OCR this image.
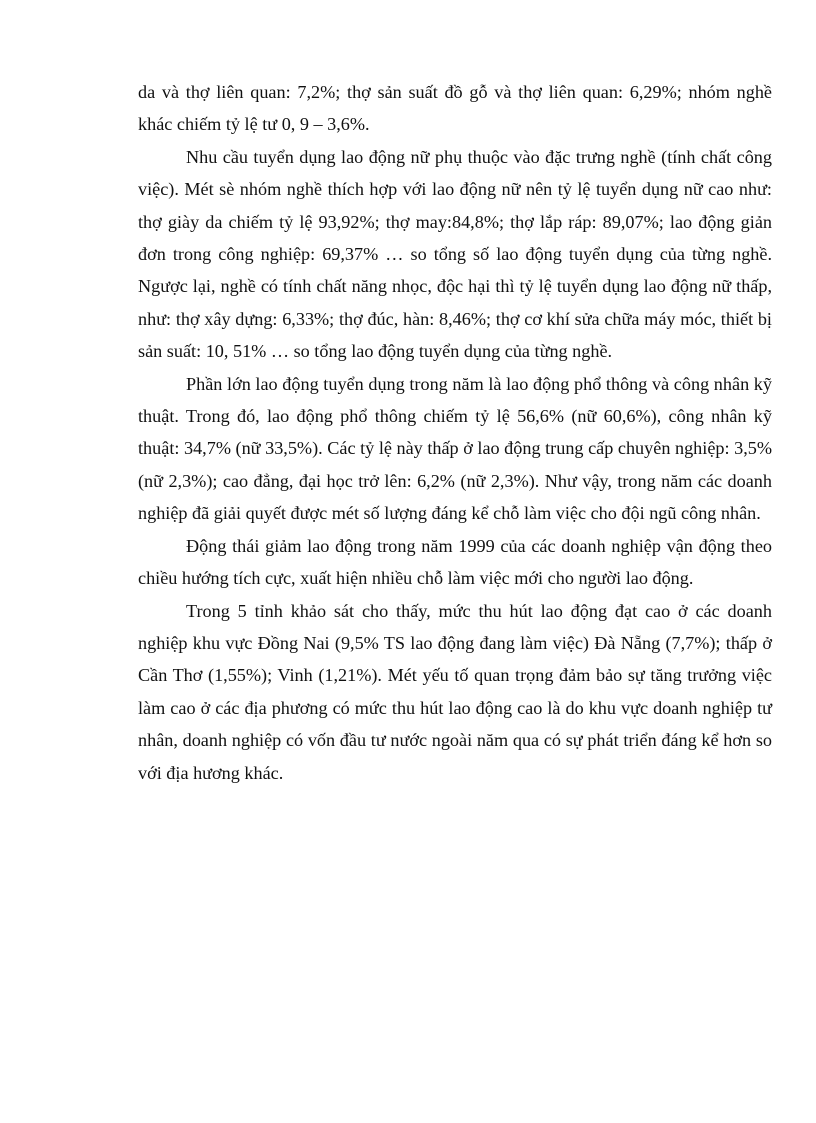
da và thợ liên quan: 7,2%; thợ sản suất đồ gỗ và thợ liên quan: 6,29%; nhóm nghề khác chiếm tỷ lệ tư 0, 9 – 3,6%.

Nhu cầu tuyển dụng lao động nữ phụ thuộc vào đặc trưng nghề (tính chất công việc). Mét sè nhóm nghề thích hợp với lao động nữ nên tỷ lệ tuyển dụng nữ cao như: thợ giày da chiếm tỷ lệ 93,92%; thợ may:84,8%; thợ lắp ráp: 89,07%; lao động giản đơn trong công nghiệp: 69,37% … so tổng số lao động tuyển dụng của từng nghề. Ngược lại, nghề có tính chất năng nhọc, độc hại thì tỷ lệ tuyển dụng lao động nữ thấp, như: thợ xây dựng: 6,33%; thợ đúc, hàn: 8,46%; thợ cơ khí sửa chữa máy móc, thiết bị sản suất: 10, 51% … so tổng lao động tuyển dụng của từng nghề.

Phần lớn lao động tuyển dụng trong năm là lao động phổ thông và công nhân kỹ thuật. Trong đó, lao động phổ thông chiếm tỷ lệ 56,6% (nữ 60,6%), công nhân kỹ thuật: 34,7% (nữ 33,5%). Các tỷ lệ này thấp ở lao động trung cấp chuyên nghiệp: 3,5% (nữ 2,3%); cao đẳng, đại học trở lên: 6,2% (nữ 2,3%). Như vậy, trong năm các doanh nghiệp đã giải quyết được mét số lượng đáng kể chỗ làm việc cho đội ngũ công nhân.

Động thái giảm lao động trong năm 1999 của các doanh nghiệp vận động theo chiều hướng tích cực, xuất hiện nhiều chỗ làm việc mới cho người lao động.

Trong 5 tỉnh khảo sát cho thấy, mức thu hút lao động đạt cao ở các doanh nghiệp khu vực Đồng Nai (9,5% TS lao động đang làm việc) Đà Nẵng (7,7%); thấp ở Cần Thơ (1,55%); Vinh (1,21%). Mét yếu tố quan trọng đảm bảo sự tăng trưởng việc làm cao ở các địa phương có mức thu hút lao động cao là do khu vực doanh nghiệp tư nhân, doanh nghiệp có vốn đầu tư nước ngoài năm qua có sự phát triển đáng kể hơn so với địa hương khác.
